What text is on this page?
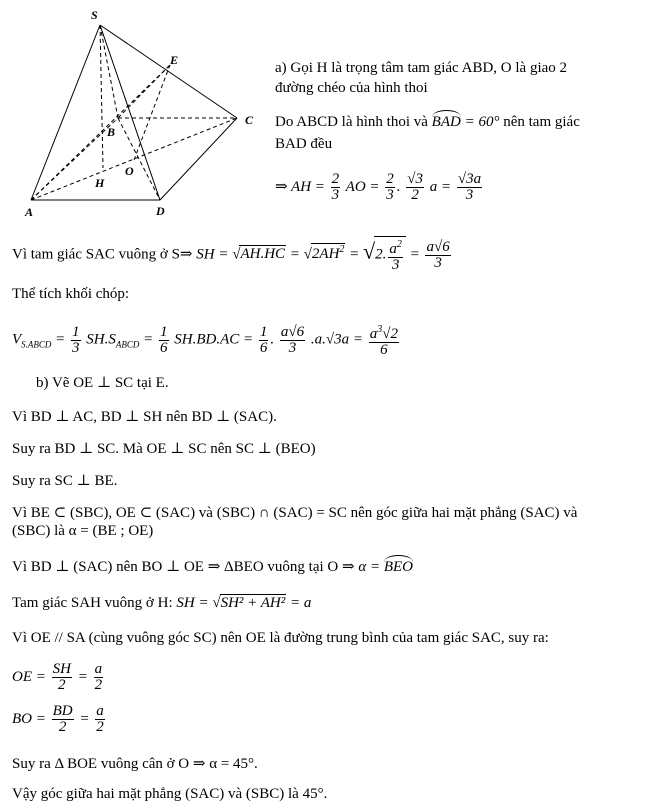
S
A
B
C
D
E
H
O
a) Gọi H là trọng tâm tam giác ABD, O là giao 2
đường chéo của hình thoi
Do ABCD là hình thoi và BAD = 60° nên tam giác
BAD đều
⇒ AH = $\frac{2}{3}$ AO = $\frac{2}{3}$ . $\frac{√3}{2}$ $a = \frac{√3a}{3}$
Vì tam giác SAC vuông ở S⇒ SH = $√AH.HC = √2AH^2 = √2$. $\frac{a^2}{3} = \frac{a√6}{3}$
Thể tích khối chóp:
$V_{S.ABCD} = \frac{1}{3} SH.S_{ABCD} = \frac{1}{6} SH.BD.AC = \frac{1}{6}$ . $\frac{a√6}{3} .a.√3a = \frac{a^3√2}{6}$
b) Vẽ OE ⊥ SC tại E.
Vì BD ⊥ AC, BD ⊥ SH nên BD ⊥ (SAC).
Suy ra BD ⊥ SC. Mà OE ⊥ SC nên SC ⊥ (BEO)
Suy ra SC ⊥ BE.
Vì BE ⊂ (SBC), OE ⊂ (SAC) và (SBC) ∩ (SAC) = SC nên góc giữa hai mặt phẳng (SAC) và
(SBC) là α = (BE ; OE)
Vì BD ⊥ (SAC) nên BO ⊥ OE ⇒ ΔBEO vuông tại O ⇒ α = BEO
Tam giác SAH vuông ở H: SH = √SH² + AH² = a
Vì OE // SA (cùng vuông góc SC) nên OE là đường trung bình của tam giác SAC, suy ra:
OE = $\frac{SH}{2} = \frac{a}{2}$
BO = $\frac{BD}{2} = \frac{a}{2}$
Suy ra Δ BOE vuông cân ở O ⇒ α = 45°.
Vậy góc giữa hai mặt phẳng (SAC) và (SBC) là 45°.
